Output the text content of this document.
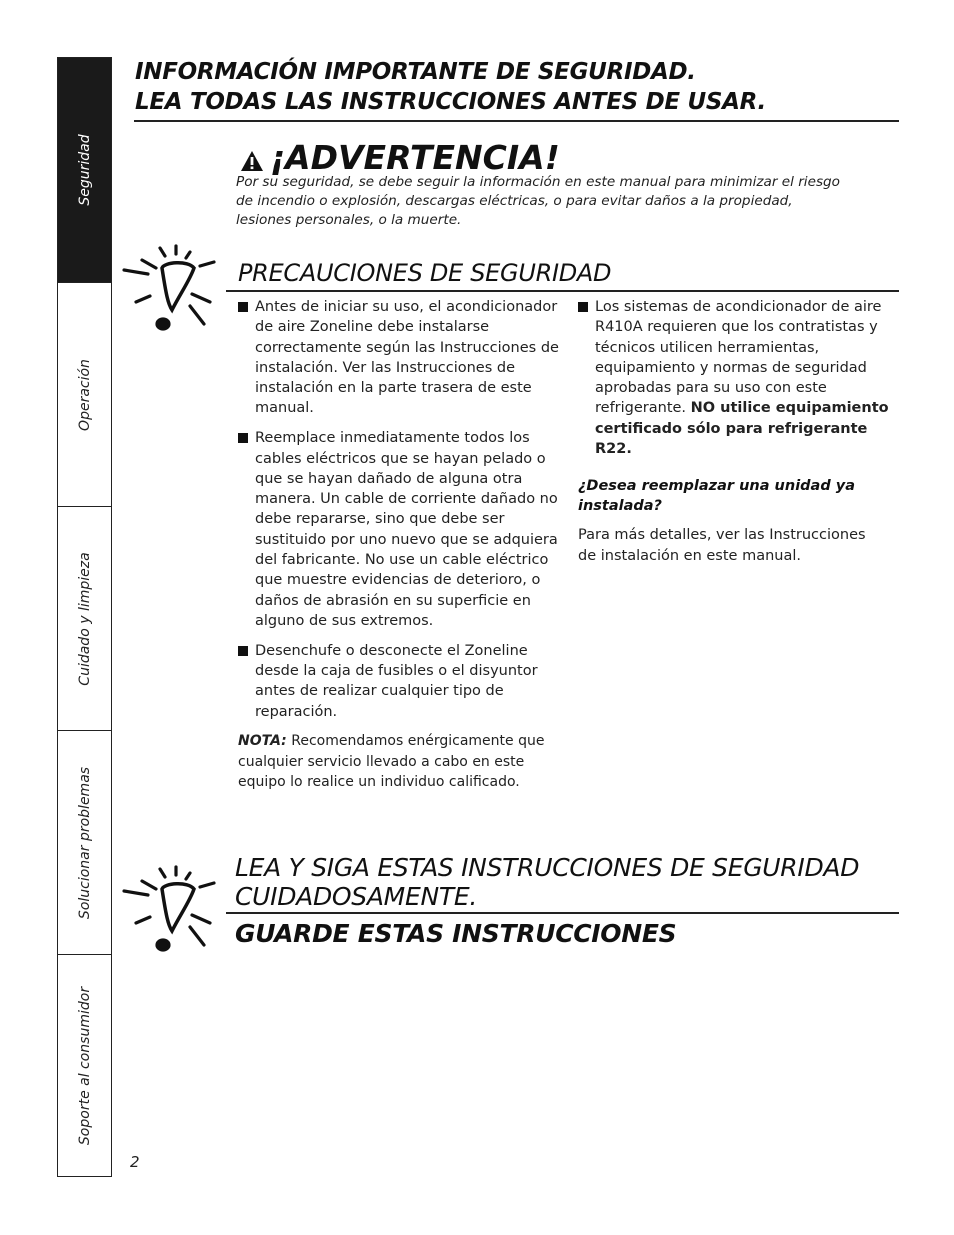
Seguridad
Operación
Cuidado y limpieza
Solucionar problemas
Soporte al consumidor
INFORMACIÓN IMPORTANTE DE SEGURIDAD.
LEA TODAS LAS INSTRUCCIONES ANTES DE USAR.
¡ADVERTENCIA!
Por su seguridad, se debe seguir la información en este manual para minimizar el riesgo de incendio o explosión, descargas eléctricas, o para evitar daños a la propiedad, lesiones personales, o la muerte.
PRECAUCIONES DE SEGURIDAD
Antes de iniciar su uso, el acondicionador de aire Zoneline debe instalarse correctamente según las Instrucciones de instalación. Ver las Instrucciones de instalación en la parte trasera de este manual.
Reemplace inmediatamente todos los cables eléctricos que se hayan pelado o que se hayan dañado de alguna otra manera. Un cable de corriente dañado no debe repararse, sino que debe ser sustituido por uno nuevo que se adquiera del fabricante. No use un cable eléctrico que muestre evidencias de deterioro, o daños de abrasión en su superficie en alguno de sus extremos.
Desenchufe o desconecte el Zoneline desde la caja de fusibles o el disyuntor antes de realizar cualquier tipo de reparación.
NOTA: Recomendamos enérgicamente que cualquier servicio llevado a cabo en este equipo lo realice un individuo calificado.
Los sistemas de acondicionador de aire R410A requieren que los contratistas y técnicos utilicen herramientas, equipamiento y normas de seguridad aprobadas para su uso con este refrigerante. NO utilice equipamiento certificado sólo para refrigerante R22.
¿Desea reemplazar una unidad ya instalada?
Para más detalles, ver las Instrucciones de instalación en este manual.
LEA Y SIGA ESTAS INSTRUCCIONES DE SEGURIDAD
CUIDADOSAMENTE.
GUARDE ESTAS INSTRUCCIONES
2
